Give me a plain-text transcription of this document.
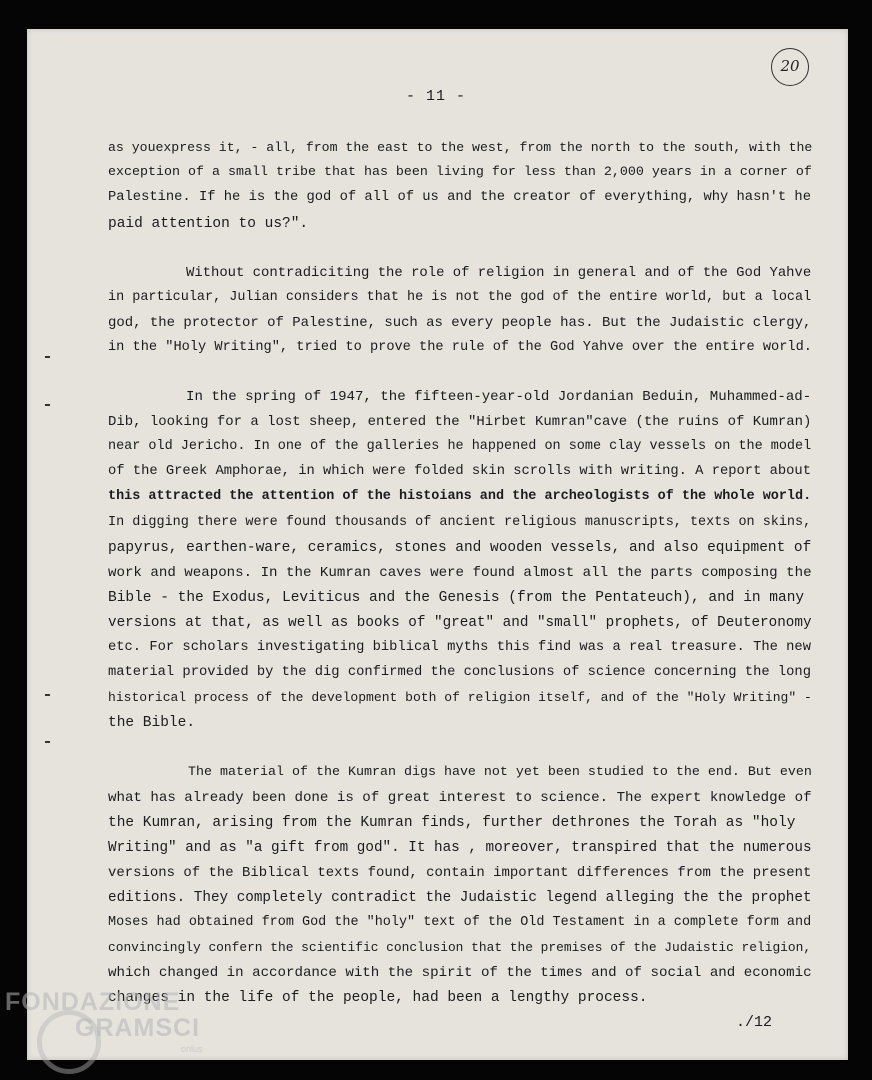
20
- 11 -
as youexpress it, - all, from the east to the west, from the north to the south, with the
exception of a small tribe that has been living for less than 2,000 years in a corner of
Palestine. If he is the god of all of us and the creator of everything, why hasn't he
paid attention to us?".
Without contradiciting the role of religion in general and of the God Yahve
in particular, Julian considers that he is not the god of the entire world, but a local
god, the protector of Palestine, such as every people has. But the Judaistic clergy,
in the "Holy Writing", tried to prove the rule of the God Yahve over the entire world.
In the spring of 1947, the fifteen-year-old Jordanian Beduin, Muhammed-ad-
Dib, looking for a lost sheep, entered the "Hirbet Kumran"cave (the ruins of Kumran)
near old Jericho. In one of the galleries he happened on some clay vessels on the model
of the Greek Amphorae, in which were folded skin scrolls with writing. A report about
this attracted the attention of the histoians and the archeologists of the whole world.
In digging there were found thousands of ancient religious manuscripts, texts on skins,
papyrus, earthen-ware, ceramics, stones and wooden vessels, and also equipment of
work and weapons. In the Kumran caves were found almost all the parts composing the
Bible - the Exodus, Leviticus and the Genesis (from the Pentateuch), and in many
versions at that, as well as books of "great" and "small" prophets, of Deuteronomy
etc. For scholars investigating biblical myths this find was a real treasure. The new
material provided by the dig confirmed the conclusions of science concerning the long
historical process of the development both of religion itself, and of the "Holy Writing" -
the Bible.
The material of the Kumran digs have not yet been studied to the end. But even
what has already been done is of great interest to science. The expert knowledge of
the Kumran, arising from the Kumran finds, further dethrones the Torah as "holy
Writing" and as "a gift from god". It has , moreover, transpired that the numerous
versions of the Biblical texts found, contain important differences from the present
editions. They completely contradict the Judaistic legend alleging the the prophet
Moses had obtained from God the "holy" text of the Old Testament in a complete form and
convincingly confern the scientific conclusion that the premises of the Judaistic religion,
which changed in accordance with the spirit of the times and of social and economic
changes in the life of the people, had been a lengthy process.
./12
FONDAZIONE
GRAMSCI
onlus
